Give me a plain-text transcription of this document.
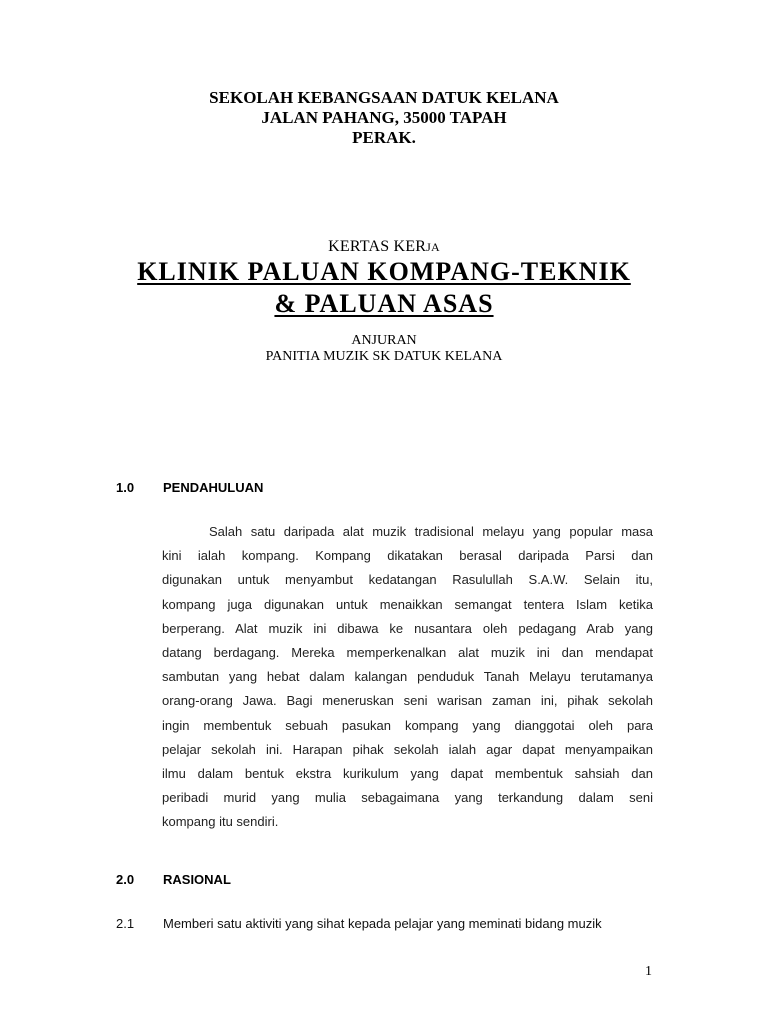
SEKOLAH KEBANGSAAN DATUK KELANA
JALAN PAHANG, 35000 TAPAH
PERAK.
KERTAS KERJA
KLINIK PALUAN KOMPANG-TEKNIK
& PALUAN ASAS
ANJURAN
PANITIA MUZIK SK DATUK KELANA
1.0 PENDAHULUAN
Salah satu daripada alat muzik tradisional melayu yang popular masa
kini ialah kompang. Kompang dikatakan berasal daripada Parsi dan
digunakan untuk menyambut kedatangan Rasulullah S.A.W. Selain itu,
kompang juga digunakan untuk menaikkan semangat tentera Islam ketika
berperang. Alat muzik ini dibawa ke nusantara oleh pedagang Arab yang
datang berdagang. Mereka memperkenalkan alat muzik ini dan mendapat
sambutan yang hebat dalam kalangan penduduk Tanah Melayu terutamanya
orang-orang Jawa. Bagi meneruskan seni warisan zaman ini, pihak sekolah
ingin membentuk sebuah pasukan kompang yang dianggotai oleh para
pelajar sekolah ini. Harapan pihak sekolah ialah agar dapat menyampaikan
ilmu dalam bentuk ekstra kurikulum yang dapat membentuk sahsiah dan
peribadi murid yang mulia sebagaimana yang terkandung dalam seni
kompang itu sendiri.
2.0 RASIONAL
2.1 Memberi satu aktiviti yang sihat kepada pelajar yang meminati bidang muzik
1
